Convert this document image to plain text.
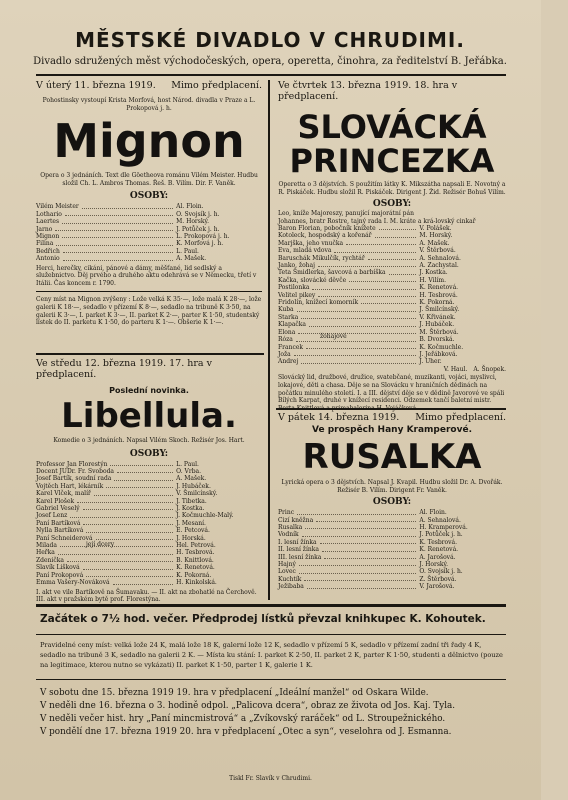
MĚSTSKÉ DIVADLO V CHRUDIMI.
Divadlo sdružených měst východočeských, opera, operetta, činohra, za ředitelství B. Jeřábka.
V úterý 11. března 1919. Mimo předplacení.
Pohostinsky vystoupí Krista Morfová, host Národ. divadla v Praze a L. Prokopová j. h.
Mignon
Opera o 3 jednáních. Text dle Göetheova románu Vilém Meister. Hudbu složil Ch. L. Ambros Thomas. Řeš. B. Vilím. Dir. F. Vaněk.
OSOBY:
Vilém Meister	Al. Floin.
Lothario	O. Svojsík j. h.
Laertes	M. Horský.
Jarno	J. Potůček j. h.
Mignon	L. Prokopová j. h.
Filina	K. Morfová j. h.
Bedřich	L. Paul.
Antonio	A. Mašek.
Herci, herečky, cikáni, pánové a dámy, měšťané, lid sedlský a služebnictvo. Děj prvého a druhého aktu odehrává se v Německu, třetí v Itálii. Čas koncem r. 1790.
Ceny míst na Mignon zvýšeny : Lože velká K 35·—, lože malá K 28·—, lože galerii K 18·—, sedadlo v přízemí K 8·—, sedadlo na tribuně K 3·50, na galerii K 3·—, I. parket K 3·—, II. parket K 2·—, parter K 1·50, studentský lístek do II. parketu K 1·50, do parteru K 1·—. Obšerie K 1·—.
Ve středu 12. března 1919. 17. hra v předplacení.
Poslední novinka.
Libellula.
Komedie o 3 jednáních. Napsal Vilém Skoch. Režisér Jos. Hart.
OSOBY:
Professor Jan Florestýn	L. Paul.
Docent JUDr. Fr. Svoboda	O. Vrba.
Josef Bartík, soudní rada	A. Mašek.
Vojtěch Hart, lékárník	J. Hubáček.
Karel Vlček, malíř	V. Šmilcínský.
Karel Plošek	J. Tibetka.
Gabriel Veselý	J. Kostka.
Josef Lenz	J. Kočmuchle-Malý.
Paní Bartíková	J. Mesaní.
Nylla Bartíková	E. Petcová.
Paní Schneiderová	J. Horská.
Milada	Hel. Petrová.
Heřka	H. Tesbrová.
Zdenička	B. Knittlová.
Slavík Lišková	K. Renetová.
Paní Prokopová	K. Pokorná.
Emma Vašery-Nováková	H. Kinkolská.
I. akt ve vile Bartíkově na Šumavaku. — II. akt na zbohatlé na Čerchově. III. akt v pražském bytě prof. Florestýna.
její dcery
Ve čtvrtek 13. března 1919. 18. hra v předplacení.
SLOVÁCKÁ
PRINCEZKA
Operetta o 3 dějstvích. S použitím látky K. Mikszátha napsali E. Novotný a R. Piskáček. Hudbu složil R. Piskáček. Dirigent J. Žid. Režisér Bohuš Vilím.
OSOBY:
Leo, kníže Majoreszy, panující majorátní pán
Johannes, bratr Rostre, tajný rada I. M. kráte a krá-lovský cinkař
Baron Florian, pobočník knížete	V. Polášek.
Kotoleck, hospodský a kořenář	M. Horský.
Marjška, jeho vnučka	A. Mašek.
Eva, mladá vdova	V. Štěrbová.
Baruschák Mikulčík, rychtář	A. Sehnalová.
Janko, žohaj	A. Zachystal.
Teta Šmidlerka, šavcová a barbíška	J. Kostka.
Kačka, slovácké děvče	H. Vilím.
Postilonka	K. Renetová.
Velitel pikey	H. Tesbrová.
Fridolín, knížecí komorník	K. Pokorná.
Kuba	J. Šmilcínský.
Starka	V. Křivánek.
Klapačka	J. Hubáček.
Elona	M. Štěrbová.
Róza	B. Dvorská.
Francek	K. Kočmuchle.
Joža	J. Jeřábková.
Andrej	J. Uher.
V. Haul. A. Šnopek.
Slovácký lid, družbové, družice, svatebčané, muzikanti, vojáci, myslivci, lokajové, děti a chasa. Děje se na Slovácku v hraničních dědinách na počátku minulého století. I. a III. dějství děje se v dědině Javorové ve spáli Bílých Karpat, druhé v knížecí residenci. Odzemek tančí baletní mistr. Berta Knittlová a primabalerina H. Vojáčková.
žohajové
V pátek 14. března 1919. Mimo předplacení.
Ve prospěch Hany Kramperové.
RUSALKA
Lyrická opera o 3 dějstvích. Napsal J. Kvapil. Hudbu složil Dr. A. Dvořák. Režisér B. Vilím. Dirigent Fr. Vaněk.
OSOBY:
Princ	Al. Floin.
Cizí kněžna	A. Sehnalová.
Rusalka	H. Kramperová.
Vodník	J. Potůček j. h.
I. lesní žínka	K. Tesbrová.
II. lesní žínka	K. Renetová.
III. lesní žínka	A. Jarošová.
Hajný	J. Horský.
Lovec	O. Svojsík j. h.
Kuchtík	Z. Štěrbová.
Ježibaba	V. Jarošová.
Začátek o 7½ hod. večer. Předprodej lístků převzal knihkupec K. Kohoutek.
Pravidelné ceny míst: velká lože 24 K, malá lože 18 K, galerní lože 12 K, sedadlo v přízemí 5 K, sedadlo v přízemí zadní tři řady 4 K, sedadlo na tribuně 3 K, sedadlo na galerii 2 K. — Místa ku stání: I. parket K 2·50, II. parket 2 K, parter K 1·50, studenti a dělnictvo (pouze na legitimace, kterou nutno se vykázati) II. parket K 1·50, parter 1 K, galerie 1 K.
V sobotu dne 15. března 1919 19. hra v předplacení „Ideální manžel“ od Oskara Wilde.
V neděli dne 16. března o 3. hodině odpol. „Palicova dcera“, obraz ze života od Jos. Kaj. Tyla.
V neděli večer hist. hry „Paní mincmistrová“ a „Zvíkovský raráček“ od L. Stroupežnického.
V pondělí dne 17. března 1919 20. hra v předplacení „Otec a syn“, veselohra od J. Esmanna.
Tiskl Fr. Slavík v Chrudimi.
